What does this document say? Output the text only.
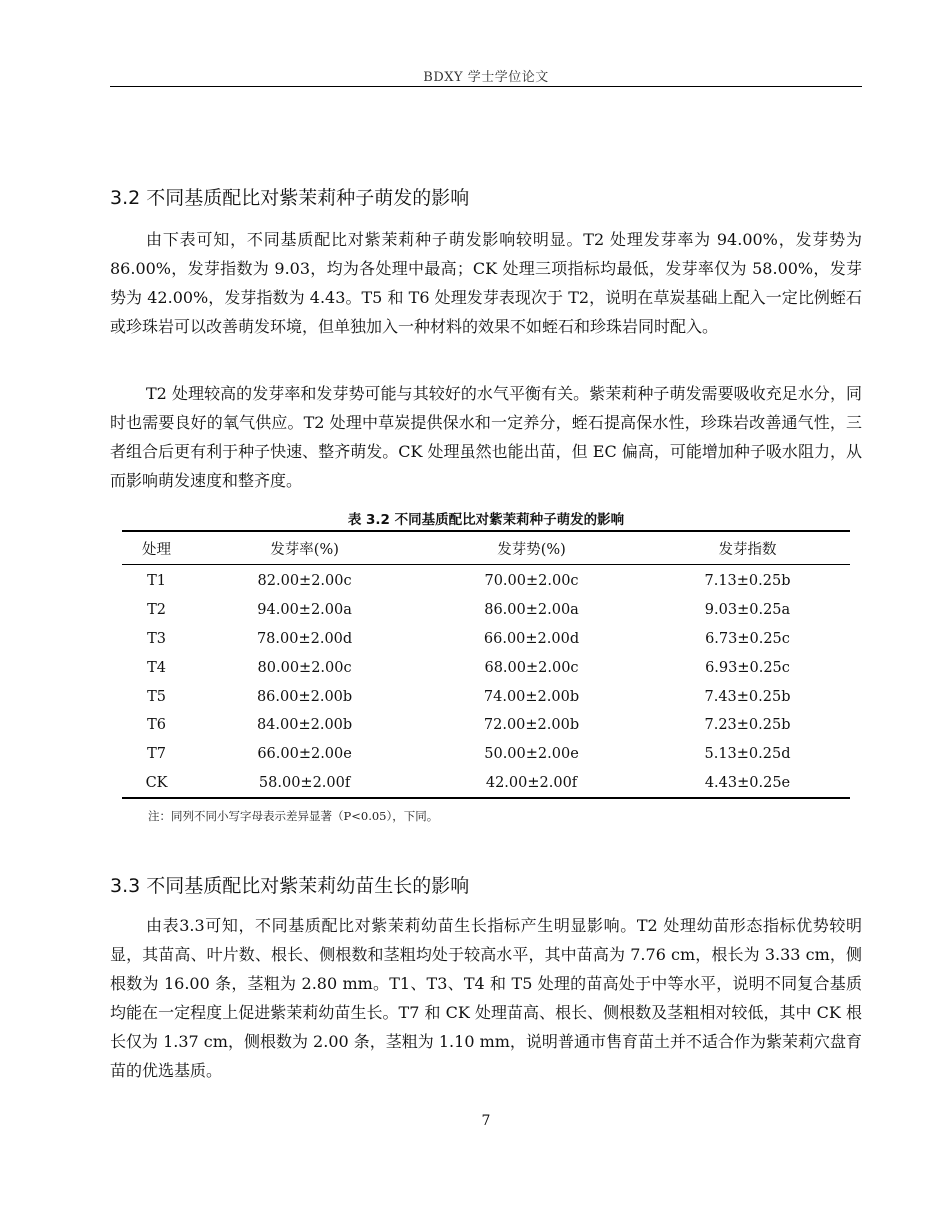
BDXY 学士学位论文
3.2 不同基质配比对紫茉莉种子萌发的影响

由下表可知，不同基质配比对紫茉莉种子萌发影响较明显。T2 处理发芽率为 94.00%，发芽势为 86.00%，发芽指数为 9.03，均为各处理中最高；CK 处理三项指标均最低，发芽率仅为 58.00%，发芽势为 42.00%，发芽指数为 4.43。T5 和 T6 处理发芽表现次于 T2，说明在草炭基础上配入一定比例蛭石或珍珠岩可以改善萌发环境，但单独加入一种材料的效果不如蛭石和珍珠岩同时配入。

T2 处理较高的发芽率和发芽势可能与其较好的水气平衡有关。紫茉莉种子萌发需要吸收充足水分，同时也需要良好的氧气供应。T2 处理中草炭提供保水和一定养分，蛭石提高保水性，珍珠岩改善通气性，三者组合后更有利于种子快速、整齐萌发。CK 处理虽然也能出苗，但 EC 偏高，可能增加种子吸水阻力，从而影响萌发速度和整齐度。

表 3.2 不同基质配比对紫茉莉种子萌发的影响
处理	发芽率(%)	发芽势(%)	发芽指数
T1	82.00±2.00c	70.00±2.00c	7.13±0.25b
T2	94.00±2.00a	86.00±2.00a	9.03±0.25a
T3	78.00±2.00d	66.00±2.00d	6.73±0.25c
T4	80.00±2.00c	68.00±2.00c	6.93±0.25c
T5	86.00±2.00b	74.00±2.00b	7.43±0.25b
T6	84.00±2.00b	72.00±2.00b	7.23±0.25b
T7	66.00±2.00e	50.00±2.00e	5.13±0.25d
CK	58.00±2.00f	42.00±2.00f	4.43±0.25e
注：同列不同小写字母表示差异显著（P<0.05），下同。
3.3 不同基质配比对紫茉莉幼苗生长的影响

由表3.3可知，不同基质配比对紫茉莉幼苗生长指标产生明显影响。T2 处理幼苗形态指标优势较明显，其苗高、叶片数、根长、侧根数和茎粗均处于较高水平，其中苗高为 7.76 cm，根长为 3.33 cm，侧根数为 16.00 条，茎粗为 2.80 mm。T1、T3、T4 和 T5 处理的苗高处于中等水平，说明不同复合基质均能在一定程度上促进紫茉莉幼苗生长。T7 和 CK 处理苗高、根长、侧根数及茎粗相对较低，其中 CK 根长仅为 1.37 cm，侧根数为 2.00 条，茎粗为 1.10 mm，说明普通市售育苗土并不适合作为紫茉莉穴盘育苗的优选基质。

7
